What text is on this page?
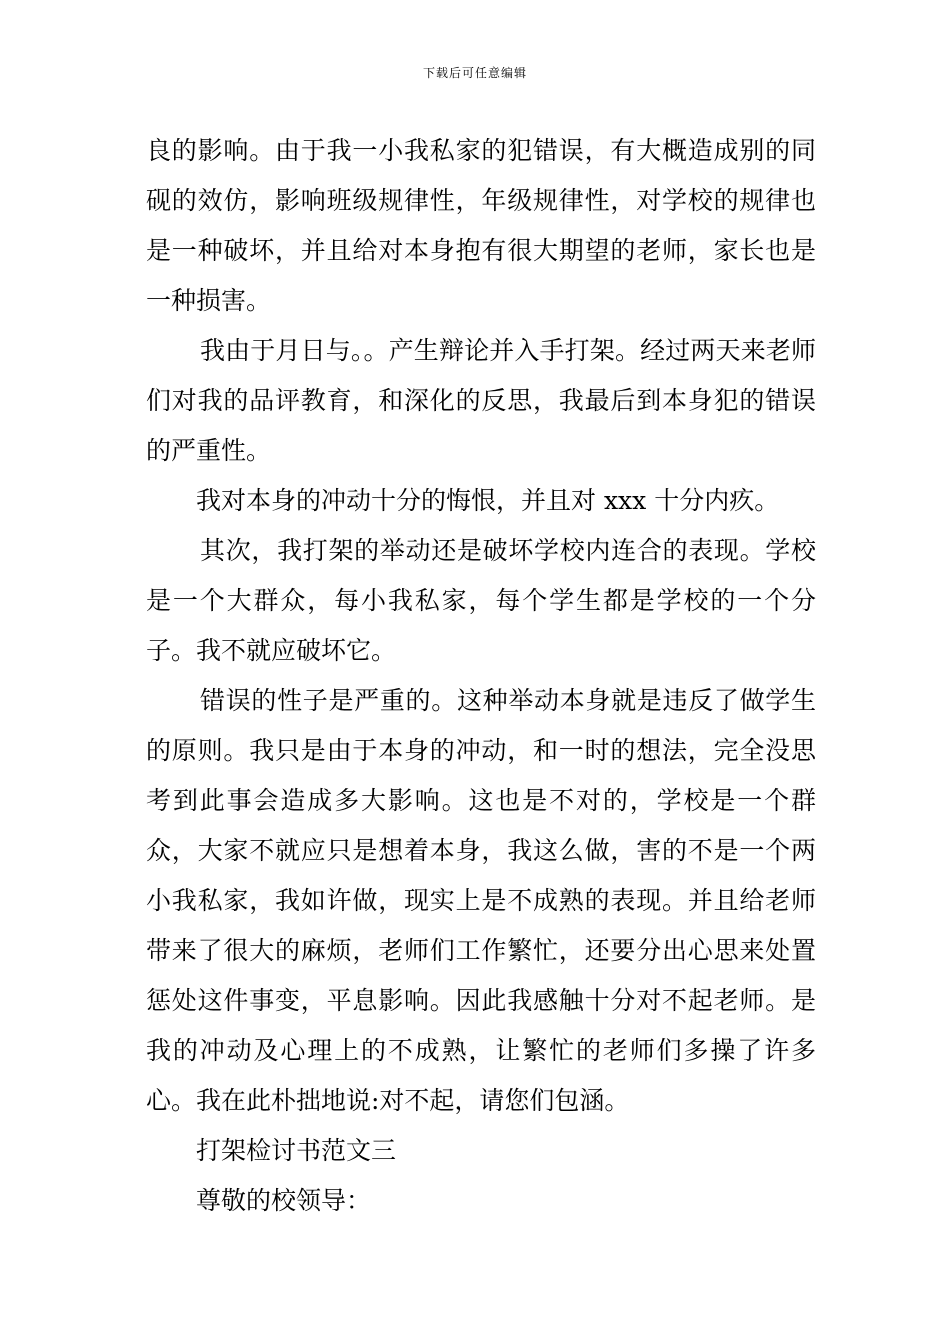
下载后可任意编辑

良的影响。由于我一小我私家的犯错误，有大概造成别的同砚的效仿，影响班级规律性，年级规律性，对学校的规律也是一种破坏，并且给对本身抱有很大期望的老师，家长也是一种损害。

我由于月日与。。产生辩论并入手打架。经过两天来老师们对我的品评教育，和深化的反思，我最后到本身犯的错误的严重性。

我对本身的冲动十分的悔恨，并且对 xxx 十分内疚。

其次，我打架的举动还是破坏学校内连合的表现。学校是一个大群众，每小我私家，每个学生都是学校的一个分子。我不就应破坏它。

错误的性子是严重的。这种举动本身就是违反了做学生的原则。我只是由于本身的冲动，和一时的想法，完全没思考到此事会造成多大影响。这也是不对的，学校是一个群众，大家不就应只是想着本身，我这么做，害的不是一个两小我私家，我如许做，现实上是不成熟的表现。并且给老师带来了很大的麻烦，老师们工作繁忙，还要分出心思来处置惩处这件事变，平息影响。因此我感触十分对不起老师。是我的冲动及心理上的不成熟，让繁忙的老师们多操了许多心。我在此朴拙地说:对不起，请您们包涵。

打架检讨书范文三

尊敬的校领导：
